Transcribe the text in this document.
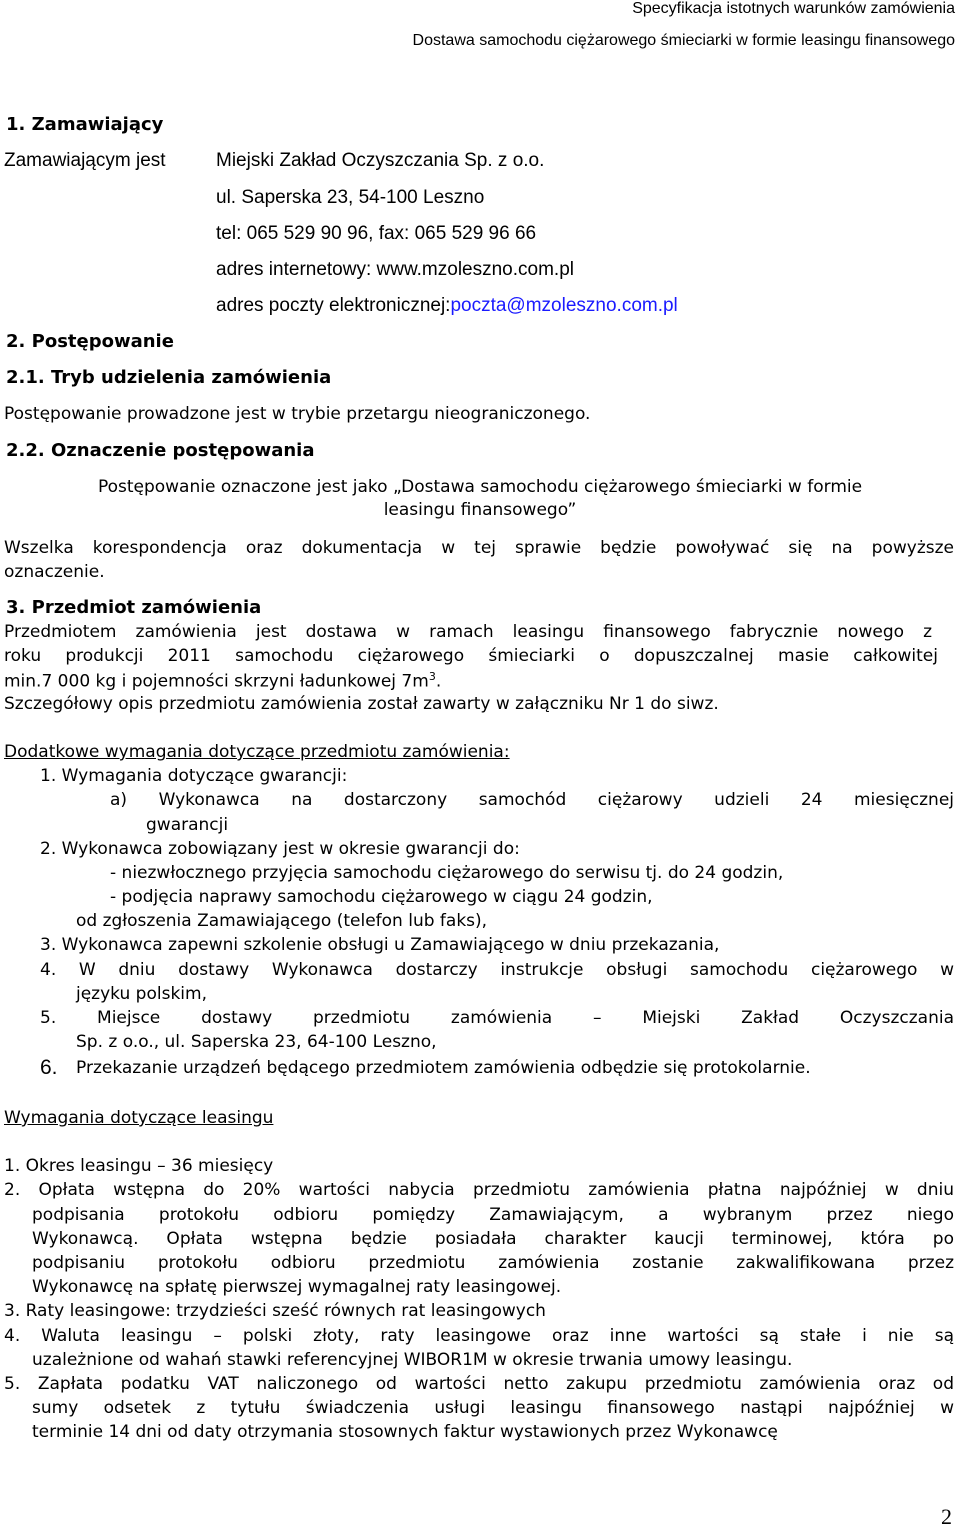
Specyfikacja istotnych warunków zamówienia
Dostawa samochodu ciężarowego śmieciarki w formie leasingu finansowego
1. Zamawiający
Zamawiającym jest	Miejski Zakład Oczyszczania Sp. z o.o.
ul. Saperska 23, 54-100 Leszno
tel: 065 529 90 96, fax: 065 529 96 66
adres internetowy: www.mzoleszno.com.pl
adres poczty elektronicznej:poczta@mzoleszno.com.pl
2. Postępowanie
2.1. Tryb udzielenia zamówienia
Postępowanie prowadzone jest w trybie przetargu nieograniczonego.
2.2. Oznaczenie postępowania
Postępowanie oznaczone jest jako „Dostawa samochodu ciężarowego śmieciarki w formie
leasingu finansowego”
Wszelka korespondencja oraz dokumentacja w tej sprawie będzie powoływać się na powyższe
oznaczenie.
3. Przedmiot zamówienia
Przedmiotem zamówienia jest dostawa w ramach leasingu finansowego fabrycznie nowego z
roku produkcji 2011 samochodu ciężarowego śmieciarki o dopuszczalnej masie całkowitej
min.7 000 kg i pojemności skrzyni ładunkowej $7m^3$.
Szczegółowy opis przedmiotu zamówienia został zawarty w załączniku Nr 1 do siwz.
Dodatkowe wymagania dotyczące przedmiotu zamówienia:
1. Wymagania dotyczące gwarancji:
a) Wykonawca na dostarczony samochód ciężarowy udzieli 24 miesięcznej
gwarancji
2. Wykonawca zobowiązany jest w okresie gwarancji do:
- niezwłocznego przyjęcia samochodu ciężarowego do serwisu tj. do 24 godzin,
- podjęcia naprawy samochodu ciężarowego w ciągu 24 godzin,
od zgłoszenia Zamawiającego (telefon lub faks),
3. Wykonawca zapewni szkolenie obsługi u Zamawiającego w dniu przekazania,
4. W dniu dostawy Wykonawca dostarczy instrukcje obsługi samochodu ciężarowego w
języku polskim,
5. Miejsce dostawy przedmiotu zamówienia – Miejski Zakład Oczyszczania
Sp. z o.o., ul. Saperska 23, 64-100 Leszno,
6. Przekazanie urządzeń będącego przedmiotem zamówienia odbędzie się protokolarnie.
Wymagania dotyczące leasingu
1. Okres leasingu – 36 miesięcy
2. Opłata wstępna do 20% wartości nabycia przedmiotu zamówienia płatna najpóźniej w dniu
podpisania protokołu odbioru pomiędzy Zamawiającym, a wybranym przez niego
Wykonawcą. Opłata wstępna będzie posiadała charakter kaucji terminowej, która po
podpisaniu protokołu odbioru przedmiotu zamówienia zostanie zakwalifikowana przez
Wykonawcę na spłatę pierwszej wymagalnej raty leasingowej.
3. Raty leasingowe: trzydzieści sześć równych rat leasingowych
4. Waluta leasingu – polski złoty, raty leasingowe oraz inne wartości są stałe i nie są
uzależnione od wahań stawki referencyjnej WIBOR1M w okresie trwania umowy leasingu.
5. Zapłata podatku VAT naliczonego od wartości netto zakupu przedmiotu zamówienia oraz od
sumy odsetek z tytułu świadczenia usługi leasingu finansowego nastąpi najpóźniej w
terminie 14 dni od daty otrzymania stosownych faktur wystawionych przez Wykonawcę
2
